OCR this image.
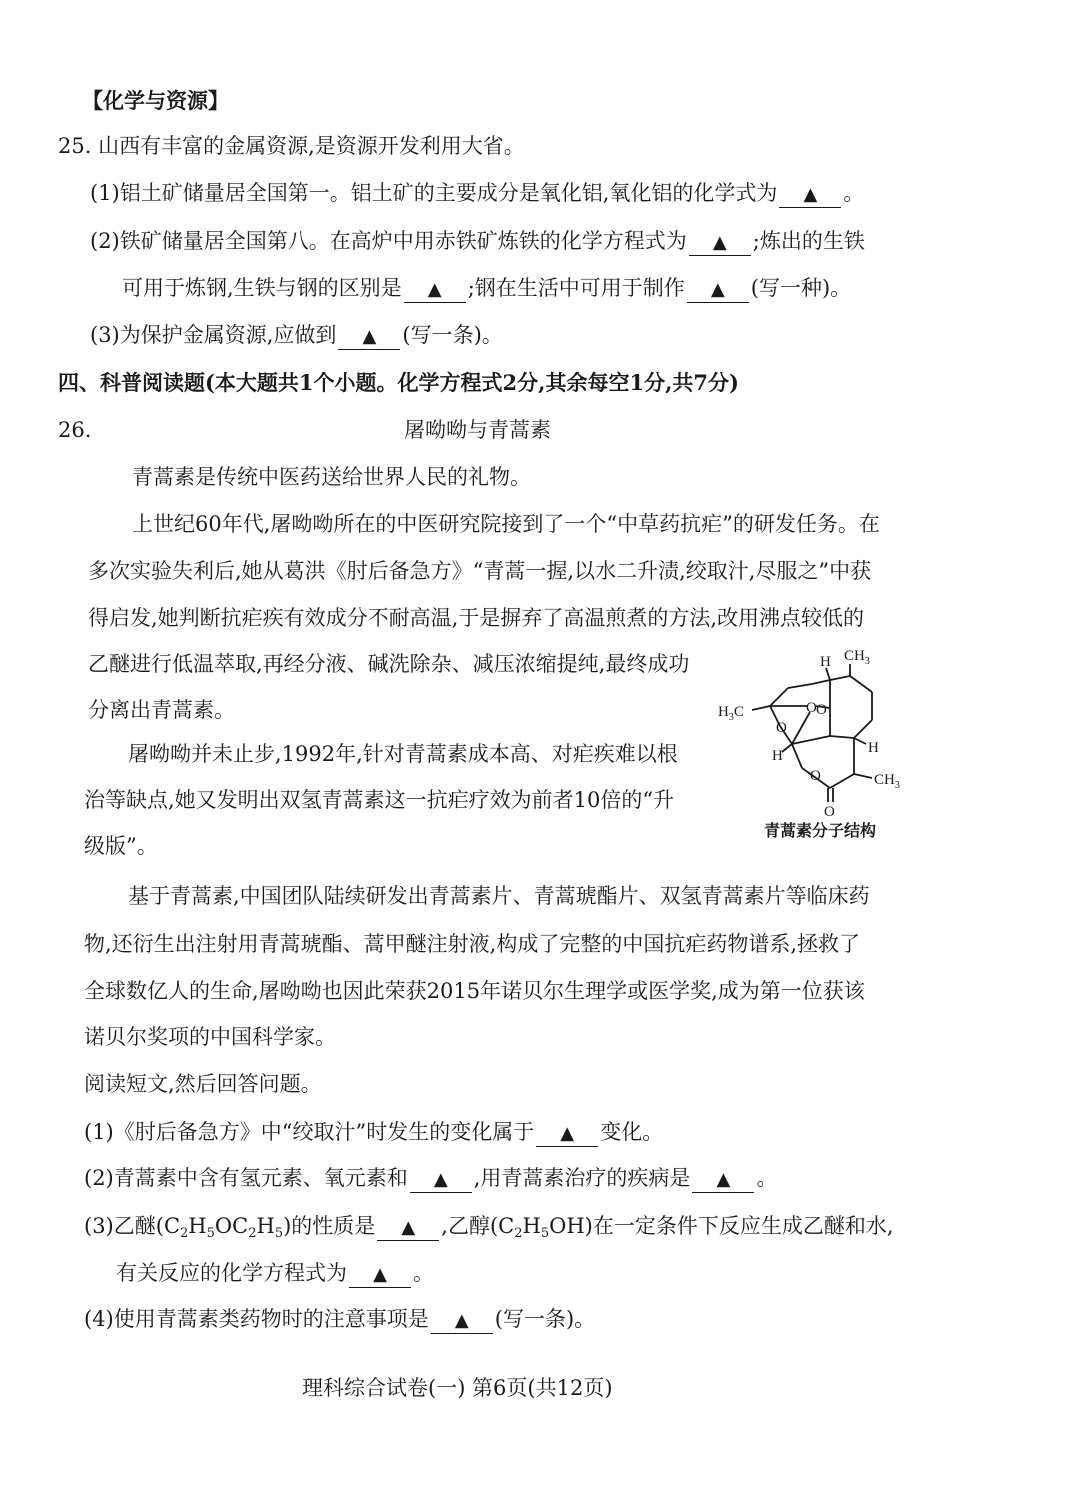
【化学与资源】
25. 山西有丰富的金属资源,是资源开发利用大省。
(1)铝土矿储量居全国第一。铝土矿的主要成分是氧化铝,氧化铝的化学式为 ▲ 。
(2)铁矿储量居全国第八。在高炉中用赤铁矿炼铁的化学方程式为 ▲ ;炼出的生铁
可用于炼钢,生铁与钢的区别是 ▲ ;钢在生活中可用于制作 ▲ (写一种)。
(3)为保护金属资源,应做到 ▲ (写一条)。
四、科普阅读题(本大题共1个小题。化学方程式2分,其余每空1分,共7分)
26.	屠呦呦与青蒿素
青蒿素是传统中医药送给世界人民的礼物。
上世纪60年代,屠呦呦所在的中医研究院接到了一个“中草药抗疟”的研发任务。在
多次实验失利后,她从葛洪《肘后备急方》“青蒿一握,以水二升渍,绞取汁,尽服之”中获
得启发,她判断抗疟疾有效成分不耐高温,于是摒弃了高温煎煮的方法,改用沸点较低的
乙醚进行低温萃取,再经分液、碱洗除杂、减压浓缩提纯,最终成功
分离出青蒿素。
屠呦呦并未止步,1992年,针对青蒿素成本高、对疟疾难以根
治等缺点,她又发明出双氢青蒿素这一抗疟疗效为前者10倍的“升
级版”。
H $CH_3$
$H_3C$	O O
O
O
H	H
$CH_3$
O
青蒿素分子结构
基于青蒿素,中国团队陆续研发出青蒿素片、青蒿琥酯片、双氢青蒿素片等临床药
物,还衍生出注射用青蒿琥酯、蒿甲醚注射液,构成了完整的中国抗疟药物谱系,拯救了
全球数亿人的生命,屠呦呦也因此荣获2015年诺贝尔生理学或医学奖,成为第一位获该
诺贝尔奖项的中国科学家。
阅读短文,然后回答问题。
(1)《肘后备急方》中“绞取汁”时发生的变化属于 ▲ 变化。
(2)青蒿素中含有氢元素、氧元素和 ▲ ,用青蒿素治疗的疾病是 ▲ 。
(3)乙醚$(C_2H_5OC_2H_5)$的性质是 ▲ ,乙醇$(C_2H_5OH)$在一定条件下反应生成乙醚和水,
有关反应的化学方程式为 ▲ 。
(4)使用青蒿素类药物时的注意事项是 ▲ (写一条)。
理科综合试卷(一) 第6页(共12页)
